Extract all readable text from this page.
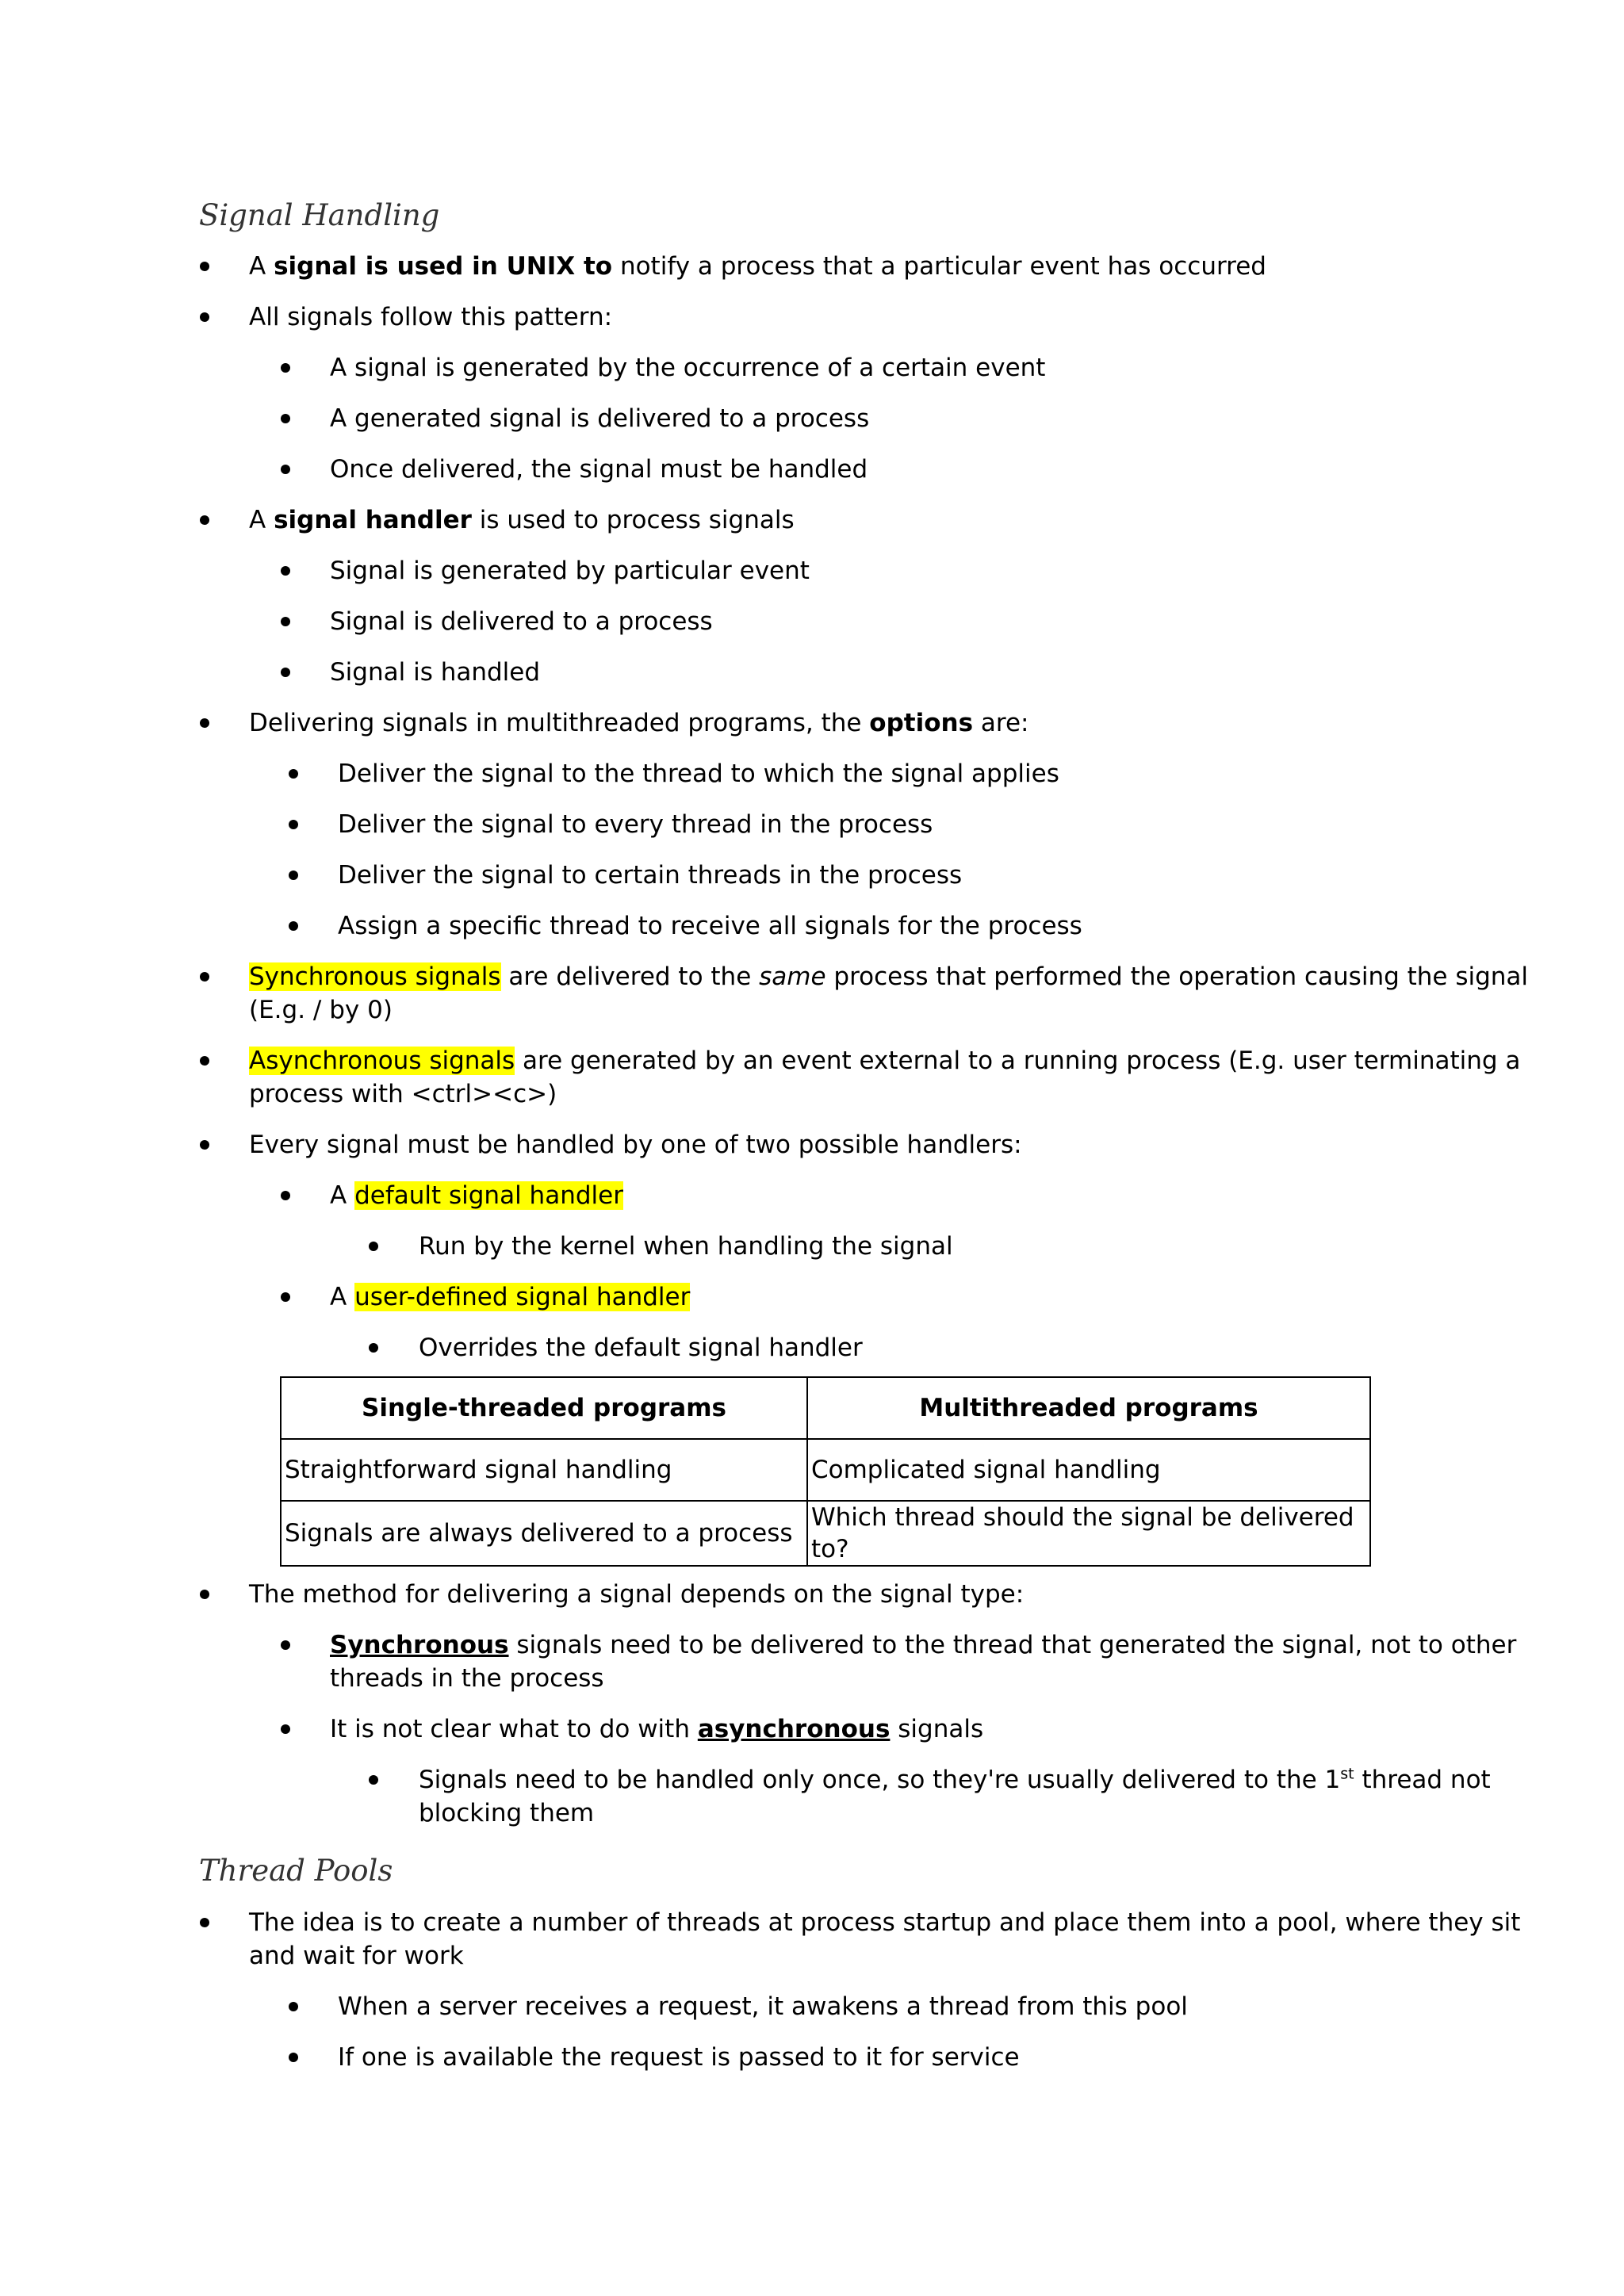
Signal Handling
A signal is used in UNIX to notify a process that a particular event has occurred
All signals follow this pattern:
A signal is generated by the occurrence of a certain event
A generated signal is delivered to a process
Once delivered, the signal must be handled
A signal handler is used to process signals
Signal is generated by particular event
Signal is delivered to a process
Signal is handled
Delivering signals in multithreaded programs, the options are:
Deliver the signal to the thread to which the signal applies
Deliver the signal to every thread in the process
Deliver the signal to certain threads in the process
Assign a specific thread to receive all signals for the process
Synchronous signals are delivered to the same process that performed the operation causing the signal
(E.g. / by 0)
Asynchronous signals are generated by an event external to a running process (E.g. user terminating a
process with <ctrl><c>)
Every signal must be handled by one of two possible handlers:
A default signal handler
Run by the kernel when handling the signal
A user-defined signal handler
Overrides the default signal handler
Single-threaded programs	Multithreaded programs
Straightforward signal handling	Complicated signal handling
Signals are always delivered to a process	Which thread should the signal be delivered to?
The method for delivering a signal depends on the signal type:
Synchronous signals need to be delivered to the thread that generated the signal, not to other
threads in the process
It is not clear what to do with asynchronous signals
Signals need to be handled only once, so they're usually delivered to the 1st thread not
blocking them
Thread Pools
The idea is to create a number of threads at process startup and place them into a pool, where they sit
and wait for work
When a server receives a request, it awakens a thread from this pool
If one is available the request is passed to it for service
